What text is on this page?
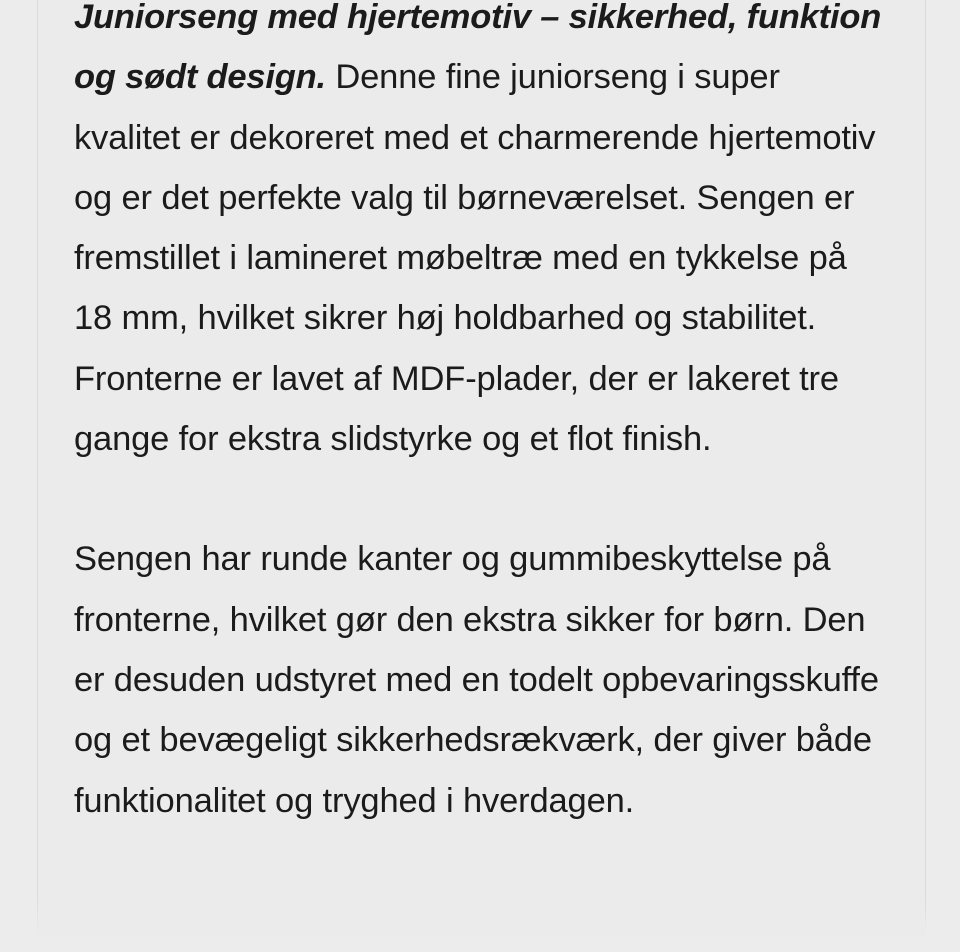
Juniorseng med hjertemotiv – sikkerhed, funktion og sødt design. Denne fine juniorseng i super kvalitet er dekoreret med et charmerende hjertemotiv og er det perfekte valg til børneværelset. Sengen er fremstillet i lamineret møbeltræ med en tykkelse på 18 mm, hvilket sikrer høj holdbarhed og stabilitet. Fronterne er lavet af MDF-plader, der er lakeret tre gange for ekstra slidstyrke og et flot finish.

Sengen har runde kanter og gummibeskyttelse på fronterne, hvilket gør den ekstra sikker for børn. Den er desuden udstyret med en todelt opbevaringsskuffe og et bevægeligt sikkerhedsrækværk, der giver både funktionalitet og tryghed i hverdagen.
